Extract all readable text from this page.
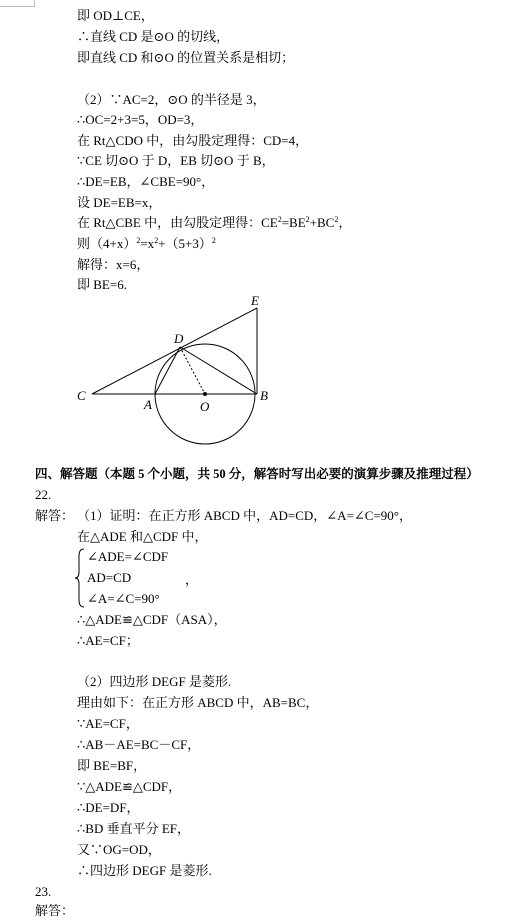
即 OD⊥CE，
∴直线 CD 是⊙O 的切线，
即直线 CD 和⊙O 的位置关系是相切；
（2）∵AC=2，⊙O 的半径是 3，
∴OC=2+3=5，OD=3，
在 Rt△CDO 中，由勾股定理得：CD=4，
∵CE 切⊙O 于 D，EB 切⊙O 于 B，
∴DE=EB，∠CBE=90°，
设 DE=EB=x，
在 Rt△CBE 中，由勾股定理得：$CE^2=BE^2+BC^2$，
则$(4+x)^2=x^2+(5+3)^2$
解得：x=6，
即 BE=6.
E
D
C
A	O
B
四、解答题（本题 5 个小题，共 50 分，解答时写出必要的演算步骤及推理过程）
22.
解答： （1）证明：在正方形 ABCD 中，AD=CD，∠A=∠C=90°，
在△ADE 和△CDF 中，
∠ADE=∠CDF
AD=CD	，
∠A=∠C=90°
∴△ADE≌△CDF（ASA），
∴AE=CF；
（2）四边形 DEGF 是菱形.
理由如下：在正方形 ABCD 中，AB=BC，
∵AE=CF，
∴AB－AE=BC－CF，
即 BE=BF，
∵△ADE≌△CDF，
∴DE=DF，
∴BD 垂直平分 EF，
又∵OG=OD，
∴四边形 DEGF 是菱形.
23.
解答：
